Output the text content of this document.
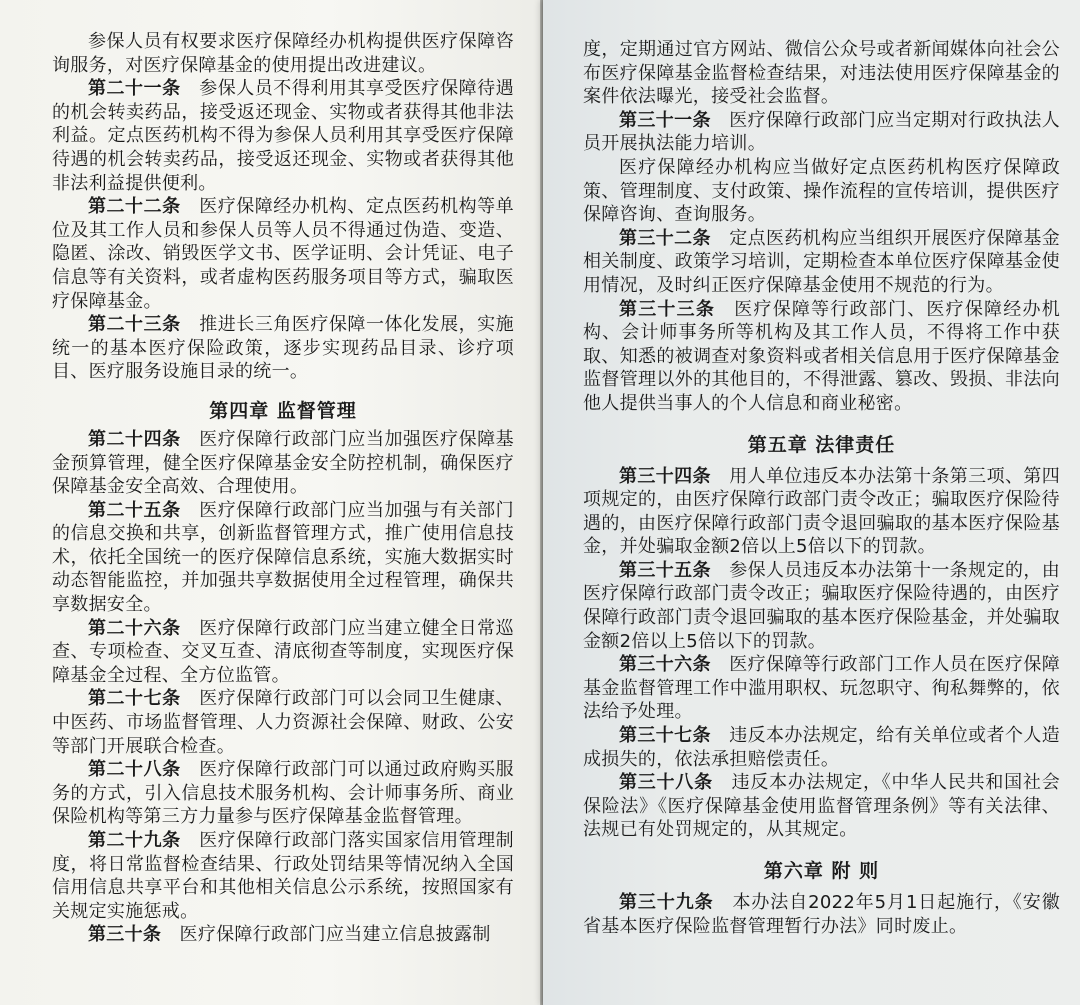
参保人员有权要求医疗保障经办机构提供医疗保障咨询服务，对医疗保障基金的使用提出改进建议。

第二十一条　 参保人员不得利用其享受医疗保障待遇的机会转卖药品，接受返还现金、实物或者获得其他非法利益。定点医药机构不得为参保人员利用其享受医疗保障待遇的机会转卖药品，接受返还现金、实物或者获得其他非法利益提供便利。

第二十二条　 医疗保障经办机构、定点医药机构等单位及其工作人员和参保人员等人员不得通过伪造、变造、隐匿、涂改、销毁医学文书、医学证明、会计凭证、电子信息等有关资料，或者虚构医药服务项目等方式，骗取医疗保障基金。

第二十三条　 推进长三角医疗保障一体化发展，实施统一的基本医疗保险政策，逐步实现药品目录、诊疗项目、医疗服务设施目录的统一。

第四章 监督管理

第二十四条　 医疗保障行政部门应当加强医疗保障基金预算管理，健全医疗保障基金安全防控机制，确保医疗保障基金安全高效、合理使用。

第二十五条　 医疗保障行政部门应当加强与有关部门的信息交换和共享，创新监督管理方式，推广使用信息技术，依托全国统一的医疗保障信息系统，实施大数据实时动态智能监控，并加强共享数据使用全过程管理，确保共享数据安全。

第二十六条　 医疗保障行政部门应当建立健全日常巡查、专项检查、交叉互查、清底彻查等制度，实现医疗保障基金全过程、全方位监管。

第二十七条　 医疗保障行政部门可以会同卫生健康、中医药、市场监督管理、人力资源社会保障、财政、公安等部门开展联合检查。

第二十八条　 医疗保障行政部门可以通过政府购买服务的方式，引入信息技术服务机构、会计师事务所、商业保险机构等第三方力量参与医疗保障基金监督管理。

第二十九条　 医疗保障行政部门落实国家信用管理制度，将日常监督检查结果、行政处罚结果等情况纳入全国信用信息共享平台和其他相关信息公示系统，按照国家有关规定实施惩戒。

第三十条　 医疗保障行政部门应当建立信息披露制

度，定期通过官方网站、微信公众号或者新闻媒体向社会公布医疗保障基金监督检查结果，对违法使用医疗保障基金的案件依法曝光，接受社会监督。

第三十一条　 医疗保障行政部门应当定期对行政执法人员开展执法能力培训。

医疗保障经办机构应当做好定点医药机构医疗保障政策、管理制度、支付政策、操作流程的宣传培训，提供医疗保障咨询、查询服务。

第三十二条　 定点医药机构应当组织开展医疗保障基金相关制度、政策学习培训，定期检查本单位医疗保障基金使用情况，及时纠正医疗保障基金使用不规范的行为。

第三十三条　 医疗保障等行政部门、医疗保障经办机构、会计师事务所等机构及其工作人员，不得将工作中获取、知悉的被调查对象资料或者相关信息用于医疗保障基金监督管理以外的其他目的，不得泄露、篡改、毁损、非法向他人提供当事人的个人信息和商业秘密。

第五章 法律责任

第三十四条　 用人单位违反本办法第十条第三项、第四项规定的，由医疗保障行政部门责令改正；骗取医疗保险待遇的，由医疗保障行政部门责令退回骗取的基本医疗保险基金，并处骗取金额2倍以上5倍以下的罚款。

第三十五条　 参保人员违反本办法第十一条规定的，由医疗保障行政部门责令改正；骗取医疗保险待遇的，由医疗保障行政部门责令退回骗取的基本医疗保险基金，并处骗取金额2倍以上5倍以下的罚款。

第三十六条　 医疗保障等行政部门工作人员在医疗保障基金监督管理工作中滥用职权、玩忽职守、徇私舞弊的，依法给予处理。

第三十七条　 违反本办法规定，给有关单位或者个人造成损失的，依法承担赔偿责任。

第三十八条　 违反本办法规定，《中华人民共和国社会保险法》《医疗保障基金使用监督管理条例》等有关法律、法规已有处罚规定的，从其规定。

第六章 附 则

第三十九条　 本办法自2022年5月1日起施行，《安徽省基本医疗保险监督管理暂行办法》同时废止。
